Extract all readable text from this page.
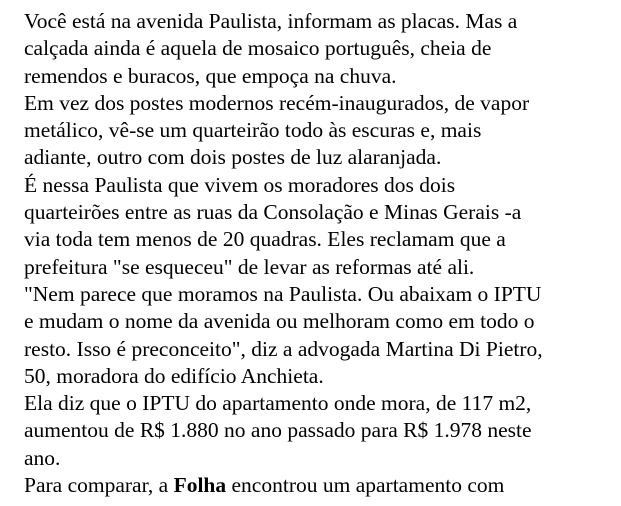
Você está na avenida Paulista, informam as placas. Mas a
calçada ainda é aquela de mosaico português, cheia de
remendos e buracos, que empoça na chuva.

Em vez dos postes modernos recém-inaugurados, de vapor
metálico, vê-se um quarteirão todo às escuras e, mais
adiante, outro com dois postes de luz alaranjada.

É nessa Paulista que vivem os moradores dos dois
quarteirões entre as ruas da Consolação e Minas Gerais -a
via toda tem menos de 20 quadras. Eles reclamam que a
prefeitura "se esqueceu" de levar as reformas até ali.

"Nem parece que moramos na Paulista. Ou abaixam o IPTU
e mudam o nome da avenida ou melhoram como em todo o
resto. Isso é preconceito", diz a advogada Martina Di Pietro,
50, moradora do edifício Anchieta.

Ela diz que o IPTU do apartamento onde mora, de 117 m2,
aumentou de R$ 1.880 no ano passado para R$ 1.978 neste
ano.

Para comparar, a Folha encontrou um apartamento com
